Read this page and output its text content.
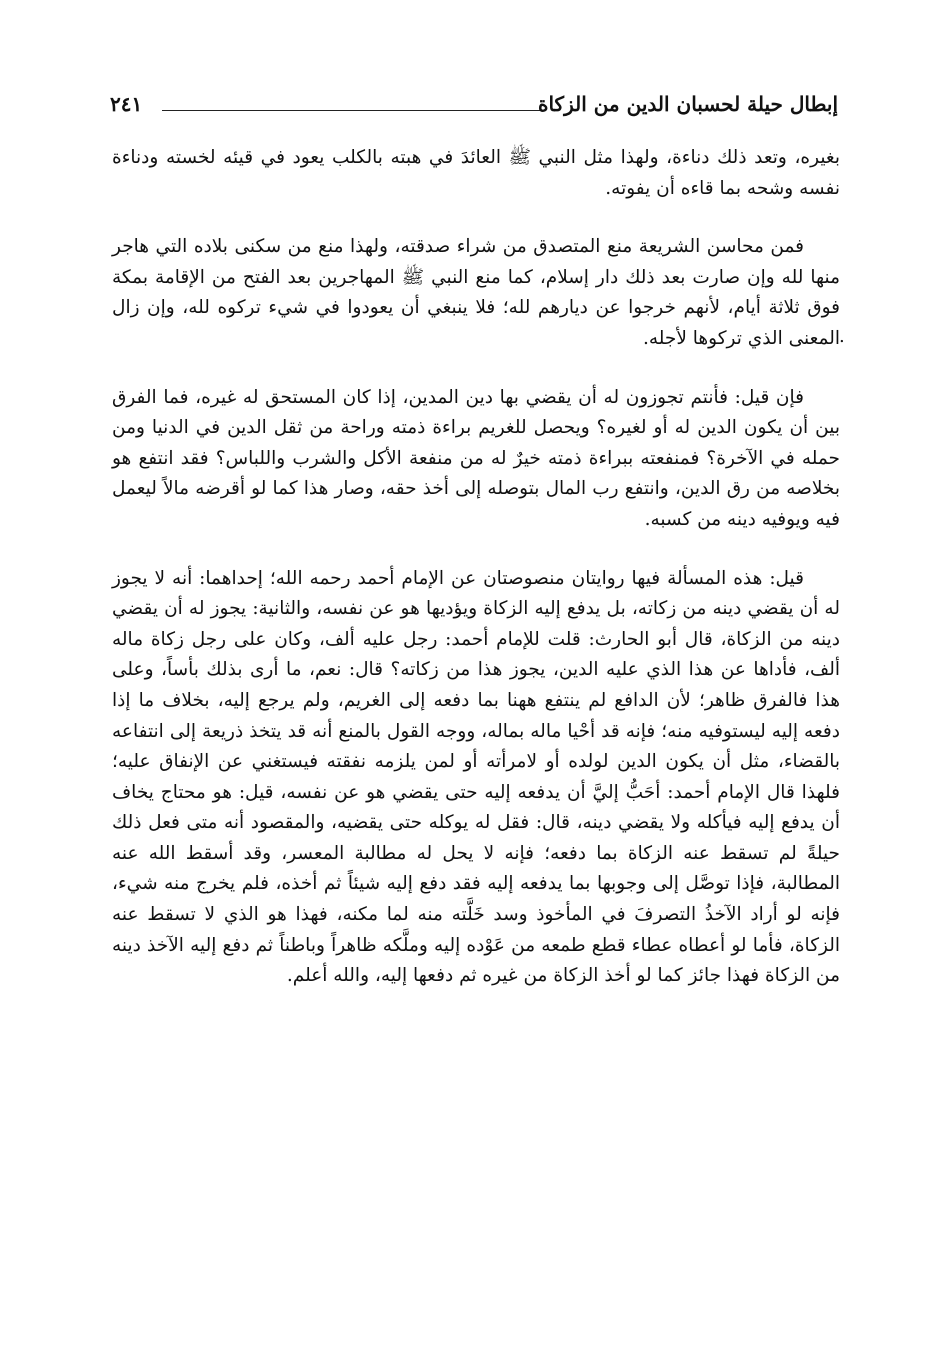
٢٤١	إبطال حيلة لحسبان الدين من الزكاة
.

بغيره، وتعد ذلك دناءة، ولهذا مثل النبي ﷺ العائدَ في هبته بالكلب يعود في قيئه لخسته ودناءة نفسه وشحه بما قاءه أن يفوته.

فمن محاسن الشريعة منع المتصدق من شراء صدقته، ولهذا منع من سكنى بلاده التي هاجر منها لله وإن صارت بعد ذلك دار إسلام، كما منع النبي ﷺ المهاجرين بعد الفتح من الإقامة بمكة فوق ثلاثة أيام، لأنهم خرجوا عن ديارهم لله؛ فلا ينبغي أن يعودوا في شيء تركوه لله، وإن زال المعنى الذي تركوها لأجله.

فإن قيل: فأنتم تجوزون له أن يقضي بها دين المدين، إذا كان المستحق له غيره، فما الفرق بين أن يكون الدين له أو لغيره؟ ويحصل للغريم براءة ذمته وراحة من ثقل الدين في الدنيا ومن حمله في الآخرة؟ فمنفعته ببراءة ذمته خيرٌ له من منفعة الأكل والشرب واللباس؟ فقد انتفع هو بخلاصه من رق الدين، وانتفع رب المال بتوصله إلى أخذ حقه، وصار هذا كما لو أقرضه مالاً ليعمل فيه ويوفيه دينه من كسبه.

قيل: هذه المسألة فيها روايتان منصوصتان عن الإمام أحمد رحمه الله؛ إحداهما: أنه لا يجوز له أن يقضي دينه من زكاته، بل يدفع إليه الزكاة ويؤديها هو عن نفسه، والثانية: يجوز له أن يقضي دينه من الزكاة، قال أبو الحارث: قلت للإمام أحمد: رجل عليه ألف، وكان على رجل زكاة ماله ألف، فأداها عن هذا الذي عليه الدين، يجوز هذا من زكاته؟ قال: نعم، ما أرى بذلك بأساً، وعلى هذا فالفرق ظاهر؛ لأن الدافع لم ينتفع ههنا بما دفعه إلى الغريم، ولم يرجع إليه، بخلاف ما إذا دفعه إليه ليستوفيه منه؛ فإنه قد أحْيا ماله بماله، ووجه القول بالمنع أنه قد يتخذ ذريعة إلى انتفاعه بالقضاء، مثل أن يكون الدين لولده أو لامرأته أو لمن يلزمه نفقته فيستغني عن الإنفاق عليه؛ فلهذا قال الإمام أحمد: أحَبُّ إليَّ أن يدفعه إليه حتى يقضي هو عن نفسه، قيل: هو محتاج يخاف أن يدفع إليه فيأكله ولا يقضي دينه، قال: فقل له يوكله حتى يقضيه، والمقصود أنه متى فعل ذلك حيلةً لم تسقط عنه الزكاة بما دفعه؛ فإنه لا يحل له مطالبة المعسر، وقد أسقط الله عنه المطالبة، فإذا توصَّل إلى وجوبها بما يدفعه إليه فقد دفع إليه شيئاً ثم أخذه، فلم يخرج منه شيء، فإنه لو أراد الآخذُ التصرفَ في المأخوذ وسد خَلَّته منه لما مكنه، فهذا هو الذي لا تسقط عنه الزكاة، فأما لو أعطاه عطاء قطع طمعه من عَوْده إليه وملَّكه ظاهراً وباطناً ثم دفع إليه الآخذ دينه من الزكاة فهذا جائز كما لو أخذ الزكاة من غيره ثم دفعها إليه، والله أعلم.
